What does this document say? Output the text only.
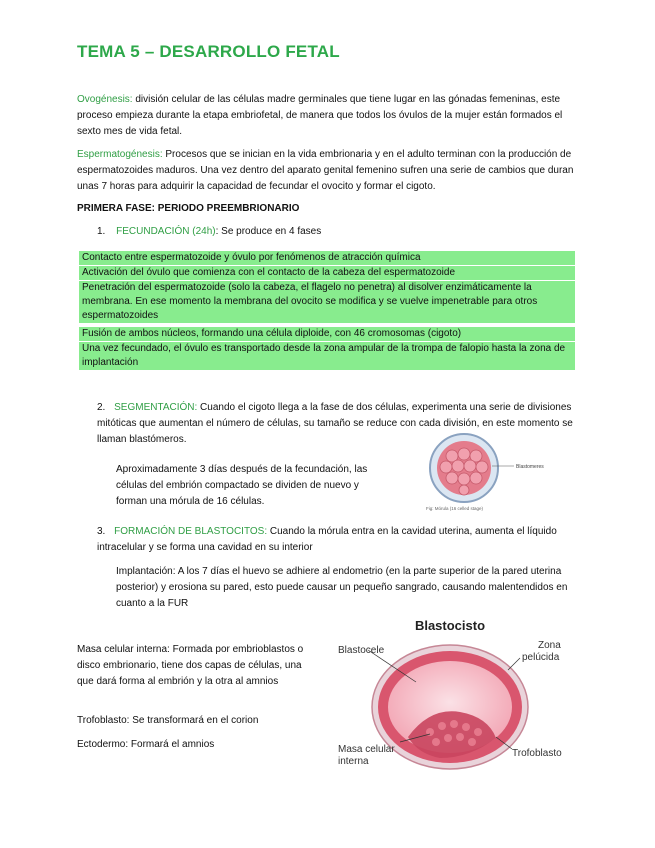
TEMA 5 – DESARROLLO FETAL
Ovogénesis: división celular de las células madre germinales que tiene lugar en las gónadas femeninas, este proceso empieza durante la etapa embriofetal, de manera que todos los óvulos de la mujer están formados el sexto mes de vida fetal.
Espermatogénesis: Procesos que se inician en la vida embrionaria y en el adulto terminan con la producción de espermatozoides maduros. Una vez dentro del aparato genital femenino sufren una serie de cambios que duran unas 7 horas para adquirir la capacidad de fecundar el ovocito y formar el cigoto.
PRIMERA FASE: PERIODO PREEMBRIONARIO
1. FECUNDACIÓN (24h): Se produce en 4 fases
Contacto entre espermatozoide y óvulo por fenómenos de atracción química
Activación del óvulo que comienza con el contacto de la cabeza del espermatozoide
Penetración del espermatozoide (solo la cabeza, el flagelo no penetra) al disolver enzimáticamente la membrana. En ese momento la membrana del ovocito se modifica y se vuelve impenetrable para otros espermatozoides
Fusión de ambos núcleos, formando una célula diploide, con 46 cromosomas (cigoto)
Una vez fecundado, el óvulo es transportado desde la zona ampular de la trompa de falopio hasta la zona de implantación
2. SEGMENTACIÓN: Cuando el cigoto llega a la fase de dos células, experimenta una serie de divisiones mitóticas que aumentan el número de células, su tamaño se reduce con cada división, en este momento se llaman blastómeros.
Aproximadamente 3 días después de la fecundación, las células del embrión compactado se dividen de nuevo y forman una mórula de 16 células.
Blastomeres
Fig: Mórula (16 celled stage)
3. FORMACIÓN DE BLASTOCITOS: Cuando la mórula entra en la cavidad uterina, aumenta el líquido intracelular y se forma una cavidad en su interior
Implantación: A los 7 días el huevo se adhiere al endometrio (en la parte superior de la pared uterina posterior) y erosiona su pared, esto puede causar un pequeño sangrado, causando malentendidos en cuanto a la FUR
Masa celular interna: Formada por embrioblastos o disco embrionario, tiene dos capas de células, una que dará forma al embrión y la otra al amnios
Trofoblasto: Se transformará en el corion
Ectodermo: Formará el amnios
Blastocisto
Blastocele	Zona
pelúcida
Masa celular
interna
Trofoblasto
